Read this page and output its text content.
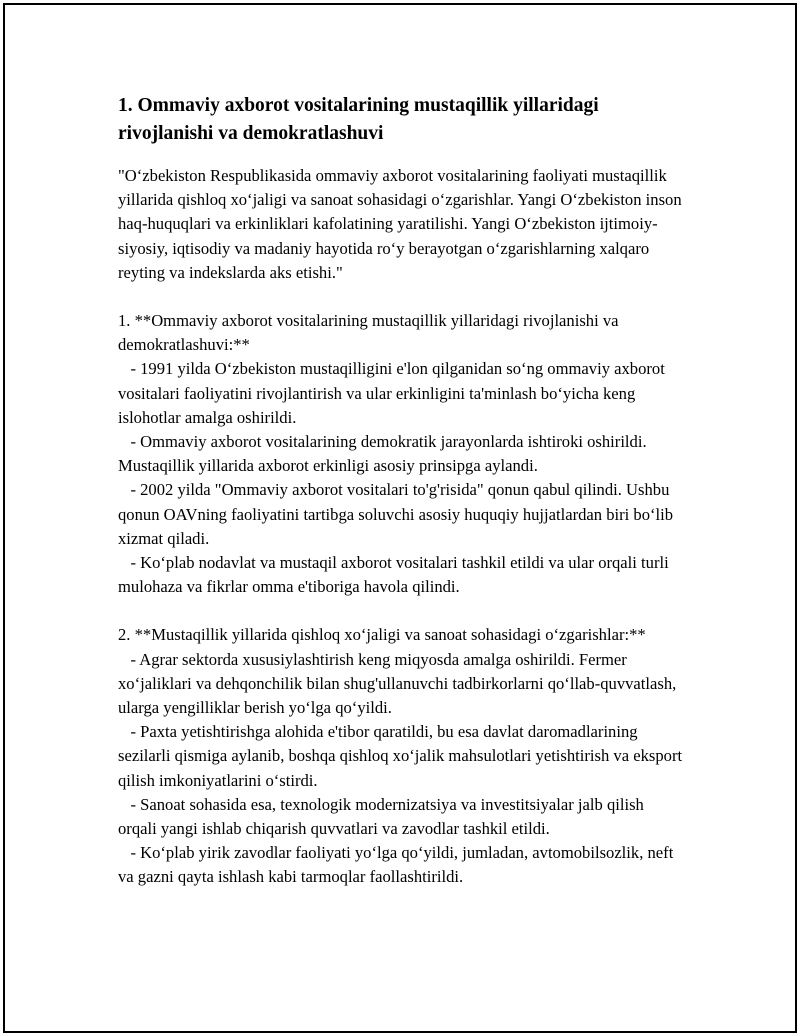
1. Ommaviy axborot vositalarining mustaqillik yillaridagi rivojlanishi va demokratlashuvi

"O‘zbekiston Respublikasida ommaviy axborot vositalarining faoliyati mustaqillik yillarida qishloq xo‘jaligi va sanoat sohasidagi o‘zgarishlar. Yangi O‘zbekiston inson haq-huquqlari va erkinliklari kafolatining yaratilishi. Yangi O‘zbekiston ijtimoiy-siyosiy, iqtisodiy va madaniy hayotida ro‘y berayotgan o‘zgarishlarning xalqaro reyting va indekslarda aks etishi."

1. **Ommaviy axborot vositalarining mustaqillik yillaridagi rivojlanishi va demokratlashuvi:**

- 1991 yilda O‘zbekiston mustaqilligini e'lon qilganidan so‘ng ommaviy axborot vositalari faoliyatini rivojlantirish va ular erkinligini ta'minlash bo‘yicha keng islohotlar amalga oshirildi.

- Ommaviy axborot vositalarining demokratik jarayonlarda ishtiroki oshirildi. Mustaqillik yillarida axborot erkinligi asosiy prinsipga aylandi.

- 2002 yilda "Ommaviy axborot vositalari to'g'risida" qonun qabul qilindi. Ushbu qonun OAVning faoliyatini tartibga soluvchi asosiy huquqiy hujjatlardan biri bo‘lib xizmat qiladi.

- Ko‘plab nodavlat va mustaqil axborot vositalari tashkil etildi va ular orqali turli mulohaza va fikrlar omma e'tiboriga havola qilindi.

2. **Mustaqillik yillarida qishloq xo‘jaligi va sanoat sohasidagi o‘zgarishlar:**

- Agrar sektorda xususiylashtirish keng miqyosda amalga oshirildi. Fermer xo‘jaliklari va dehqonchilik bilan shug'ullanuvchi tadbirkorlarni qo‘llab-quvvatlash, ularga yengilliklar berish yo‘lga qo‘yildi.

- Paxta yetishtirishga alohida e'tibor qaratildi, bu esa davlat daromadlarining sezilarli qismiga aylanib, boshqa qishloq xo‘jalik mahsulotlari yetishtirish va eksport qilish imkoniyatlarini o‘stirdi.

- Sanoat sohasida esa, texnologik modernizatsiya va investitsiyalar jalb qilish orqali yangi ishlab chiqarish quvvatlari va zavodlar tashkil etildi.

- Ko‘plab yirik zavodlar faoliyati yo‘lga qo‘yildi, jumladan, avtomobilsozlik, neft va gazni qayta ishlash kabi tarmoqlar faollashtirildi.
